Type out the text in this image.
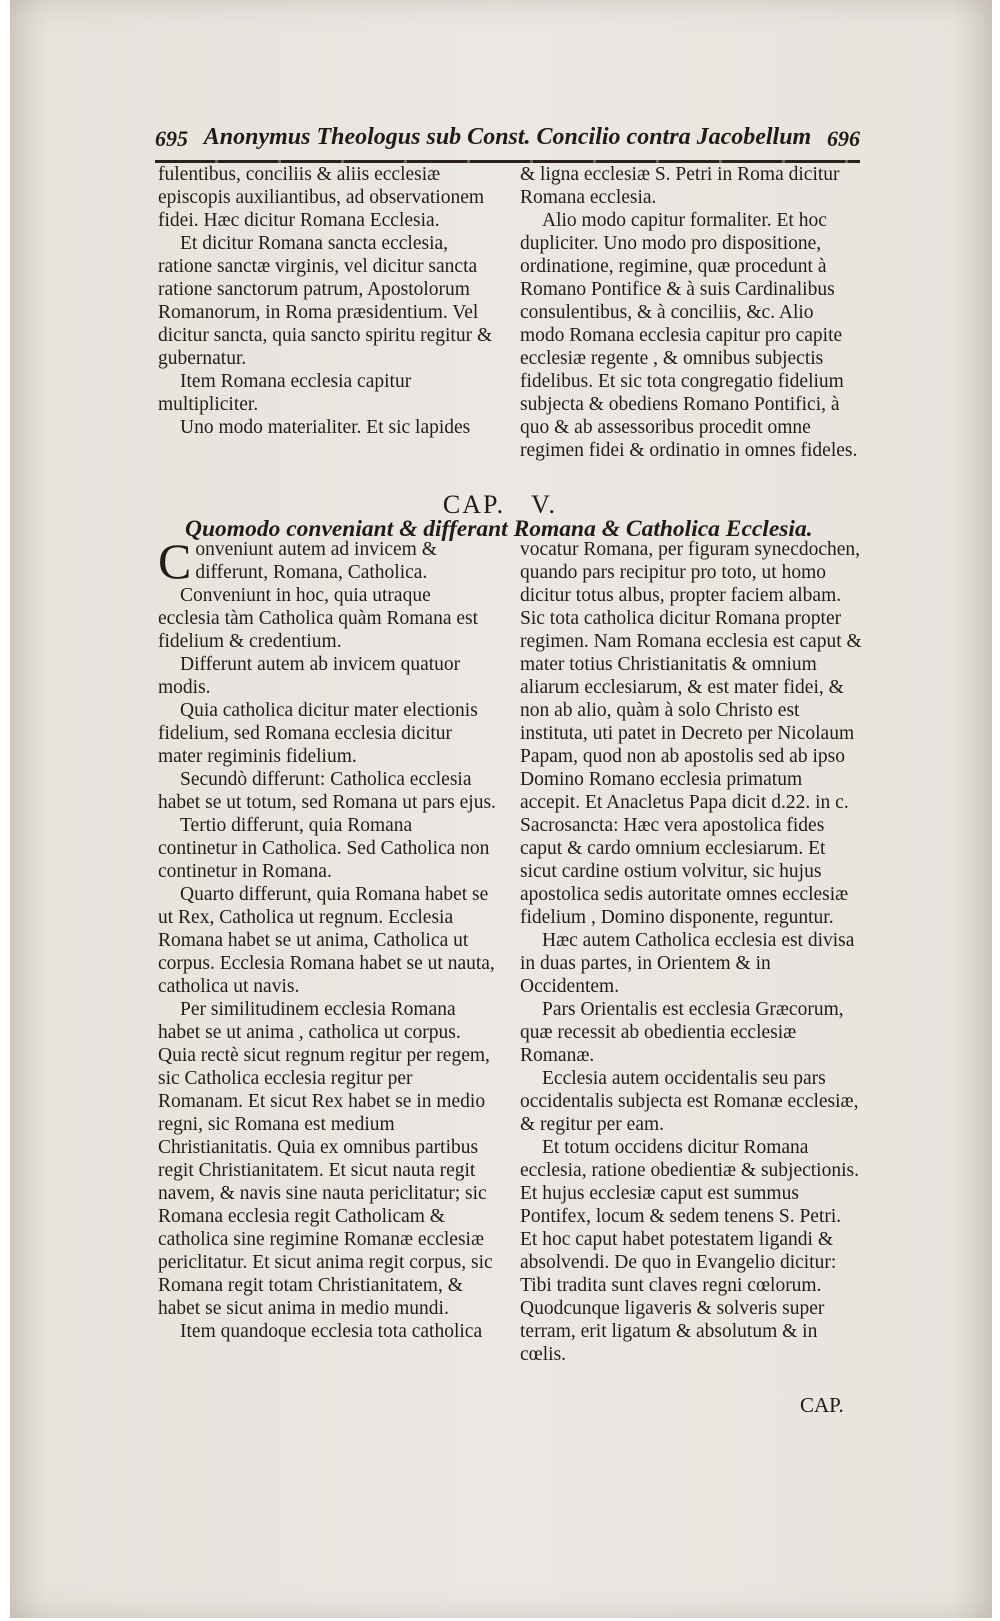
695 Anonymus Theologus sub Const. Concilio contra Jacobellum 696

fulentibus, conciliis & aliis ecclesiæ episcopis auxiliantibus, ad observationem fidei. Hæc dicitur Romana Ecclesia.

Et dicitur Romana sancta ecclesia, ratione sanctæ virginis, vel dicitur sancta ratione sanctorum patrum, Apostolorum Romanorum, in Roma præsidentium. Vel dicitur sancta, quia sancto spiritu regitur & gubernatur.

Item Romana ecclesia capitur multipliciter.

Uno modo materialiter. Et sic lapides

& ligna ecclesiæ S. Petri in Roma dicitur Romana ecclesia.

Alio modo capitur formaliter. Et hoc dupliciter. Uno modo pro dispositione, ordinatione, regimine, quæ procedunt à Romano Pontifice & à suis Cardinalibus consulentibus, & à conciliis, &c. Alio modo Romana ecclesia capitur pro capite ecclesiæ regente , & omnibus subjectis fidelibus. Et sic tota congregatio fidelium subjecta & obediens Romano Pontifici, à quo & ab assessoribus procedit omne regimen fidei & ordinatio in omnes fideles.

CAP. V.
Quomodo conveniant & differant Romana & Catholica Ecclesia.

Conveniunt autem ad invicem & differunt, Romana, Catholica.

Conveniunt in hoc, quia utraque ecclesia tàm Catholica quàm Romana est fidelium & credentium.

Differunt autem ab invicem quatuor modis.

Quia catholica dicitur mater electionis fidelium, sed Romana ecclesia dicitur mater regiminis fidelium.

Secundò differunt: Catholica ecclesia habet se ut totum, sed Romana ut pars ejus.

Tertio differunt, quia Romana continetur in Catholica. Sed Catholica non continetur in Romana.

Quarto differunt, quia Romana habet se ut Rex, Catholica ut regnum. Ecclesia Romana habet se ut anima, Catholica ut corpus. Ecclesia Romana habet se ut nauta, catholica ut navis.

Per similitudinem ecclesia Romana habet se ut anima , catholica ut corpus. Quia rectè sicut regnum regitur per regem, sic Catholica ecclesia regitur per Romanam. Et sicut Rex habet se in medio regni, sic Romana est medium Christianitatis. Quia ex omnibus partibus regit Christianitatem. Et sicut nauta regit navem, & navis sine nauta periclitatur; sic Romana ecclesia regit Catholicam & catholica sine regimine Romanæ ecclesiæ periclitatur. Et sicut anima regit corpus, sic Romana regit totam Christianitatem, & habet se sicut anima in medio mundi.

Item quandoque ecclesia tota catholica

vocatur Romana, per figuram synecdochen, quando pars recipitur pro toto, ut homo dicitur totus albus, propter faciem albam. Sic tota catholica dicitur Romana propter regimen. Nam Romana ecclesia est caput & mater totius Christianitatis & omnium aliarum ecclesiarum, & est mater fidei, & non ab alio, quàm à solo Christo est instituta, uti patet in Decreto per Nicolaum Papam, quod non ab apostolis sed ab ipso Domino Romano ecclesia primatum accepit. Et Anacletus Papa dicit d.22. in c. Sacrosancta: Hæc vera apostolica fides caput & cardo omnium ecclesiarum. Et sicut cardine ostium volvitur, sic hujus apostolica sedis autoritate omnes ecclesiæ fidelium , Domino disponente, reguntur.

Hæc autem Catholica ecclesia est divisa in duas partes, in Orientem & in Occidentem.

Pars Orientalis est ecclesia Græcorum, quæ recessit ab obedientia ecclesiæ Romanæ.

Ecclesia autem occidentalis seu pars occidentalis subjecta est Romanæ ecclesiæ, & regitur per eam.

Et totum occidens dicitur Romana ecclesia, ratione obedientiæ & subjectionis. Et hujus ecclesiæ caput est summus Pontifex, locum & sedem tenens S. Petri. Et hoc caput habet potestatem ligandi & absolvendi. De quo in Evangelio dicitur: Tibi tradita sunt claves regni cœlorum. Quodcunque ligaveris & solveris super terram, erit ligatum & absolutum & in cœlis.

CAP.
